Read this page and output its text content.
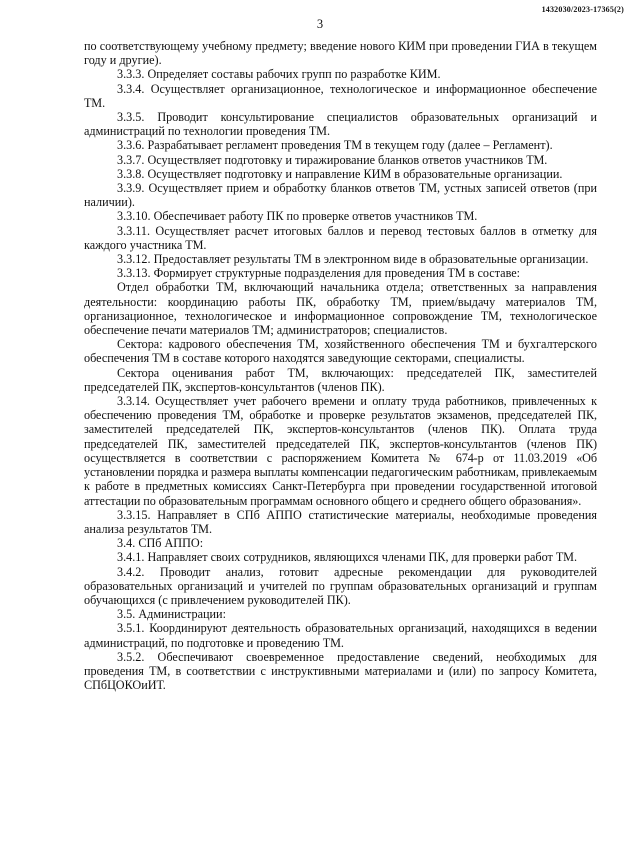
1432030/2023-17365(2)
3

по соответствующему учебному предмету; введение нового КИМ при проведении ГИА в текущем году и другие).

3.3.3. Определяет составы рабочих групп по разработке КИМ.

3.3.4. Осуществляет организационное, технологическое и информационное обеспечение ТМ.

3.3.5. Проводит консультирование специалистов образовательных организаций и администраций по технологии проведения ТМ.

3.3.6. Разрабатывает регламент проведения ТМ в текущем году (далее – Регламент).

3.3.7. Осуществляет подготовку и тиражирование бланков ответов участников ТМ.

3.3.8. Осуществляет подготовку и направление КИМ в образовательные организации.

3.3.9. Осуществляет прием и обработку бланков ответов ТМ, устных записей ответов (при наличии).

3.3.10. Обеспечивает работу ПК по проверке ответов участников ТМ.

3.3.11. Осуществляет расчет итоговых баллов и перевод тестовых баллов в отметку для каждого участника ТМ.

3.3.12. Предоставляет результаты ТМ в электронном виде в образовательные организации.

3.3.13. Формирует структурные подразделения для проведения ТМ в составе:

Отдел обработки ТМ, включающий начальника отдела; ответственных за направления деятельности: координацию работы ПК, обработку ТМ, прием/выдачу материалов ТМ, организационное, технологическое и информационное сопровождение ТМ, технологическое обеспечение печати материалов ТМ; администраторов; специалистов.

Сектора: кадрового обеспечения ТМ, хозяйственного обеспечения ТМ и бухгалтерского обеспечения ТМ в составе которого находятся заведующие секторами, специалисты.

Сектора оценивания работ ТМ, включающих: председателей ПК, заместителей председателей ПК, экспертов-консультантов (членов ПК).

3.3.14. Осуществляет учет рабочего времени и оплату труда работников, привлеченных к обеспечению проведения ТМ, обработке и проверке результатов экзаменов, председателей ПК, заместителей председателей ПК, экспертов-консультантов (членов ПК). Оплата труда председателей ПК, заместителей председателей ПК, экспертов-консультантов (членов ПК) осуществляется в соответствии с распоряжением Комитета № 674-р от 11.03.2019 «Об установлении порядка и размера выплаты компенсации педагогическим работникам, привлекаемым к работе в предметных комиссиях Санкт-Петербурга при проведении государственной итоговой аттестации по образовательным программам основного общего и среднего общего образования».

3.3.15. Направляет в СПб АППО статистические материалы, необходимые проведения анализа результатов ТМ.

3.4. СПб АППО:

3.4.1. Направляет своих сотрудников, являющихся членами ПК, для проверки работ ТМ.

3.4.2. Проводит анализ, готовит адресные рекомендации для руководителей образовательных организаций и учителей по группам образовательных организаций и группам обучающихся (с привлечением руководителей ПК).

3.5. Администрации:

3.5.1. Координируют деятельность образовательных организаций, находящихся в ведении администраций, по подготовке и проведению ТМ.

3.5.2. Обеспечивают своевременное предоставление сведений, необходимых для проведения ТМ, в соответствии с инструктивными материалами и (или) по запросу Комитета, СПбЦОКОиИТ.
